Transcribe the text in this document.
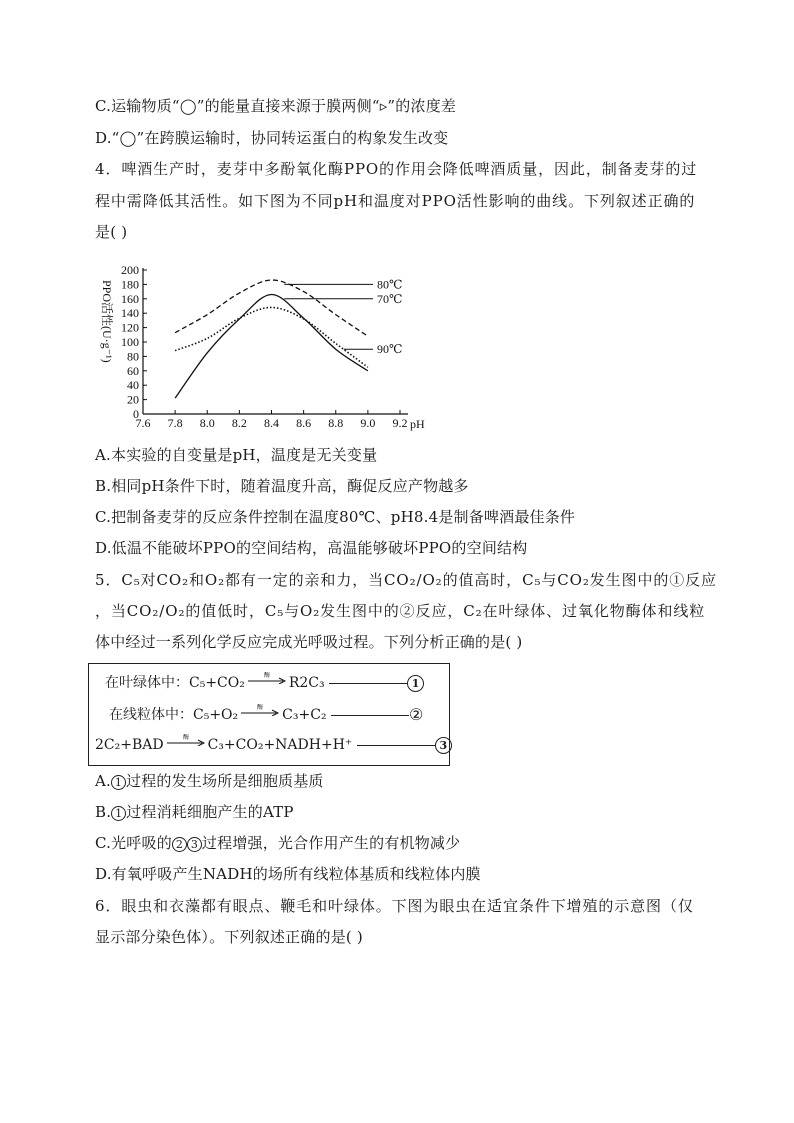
C.运输物质“◯”的能量直接来源于膜两侧“▹”的浓度差
D.“◯”在跨膜运输时，协同转运蛋白的构象发生改变
4．啤酒生产时，麦芽中多酚氧化酶PPO的作用会降低啤酒质量，因此，制备麦芽的过
程中需降低其活性。如下图为不同pH和温度对PPO活性影响的曲线。下列叙述正确的
是( )
0
20
40
60
80
100
120
140
160
180
200
7.6 7.8 8.0 8.2 8.4 8.6 8.8 9.0 9.2
80℃
70℃
90℃
PPO活性(U·g⁻¹)
pH
A.本实验的自变量是pH，温度是无关变量
B.相同pH条件下时，随着温度升高，酶促反应产物越多
C.把制备麦芽的反应条件控制在温度80℃、pH8.4是制备啤酒最佳条件
D.低温不能破坏PPO的空间结构，高温能够破坏PPO的空间结构
5．C₅对CO₂和O₂都有一定的亲和力，当CO₂/O₂的值高时，C₅与CO₂发生图中的①反应
，当CO₂/O₂的值低时，C₅与O₂发生图中的②反应，C₂在叶绿体、过氧化物酶体和线粒
体中经过一系列化学反应完成光呼吸过程。下列分析正确的是( )
在叶绿体中：C₅+CO₂	酶 R2C₃	1
在线粒体中：C₅+O₂	酶 C₃+C₂	②
2C₂+BAD	酶 C₃+CO₂+NADH+H⁺	3
A. 1 过程的发生场所是细胞质基质
B. 1 过程消耗细胞产生的ATP
C.光呼吸的 2 3 过程增强，光合作用产生的有机物减少
D.有氧呼吸产生NADH的场所有线粒体基质和线粒体内膜
6．眼虫和衣藻都有眼点、鞭毛和叶绿体。下图为眼虫在适宜条件下增殖的示意图（仅
显示部分染色体）。下列叙述正确的是( )
